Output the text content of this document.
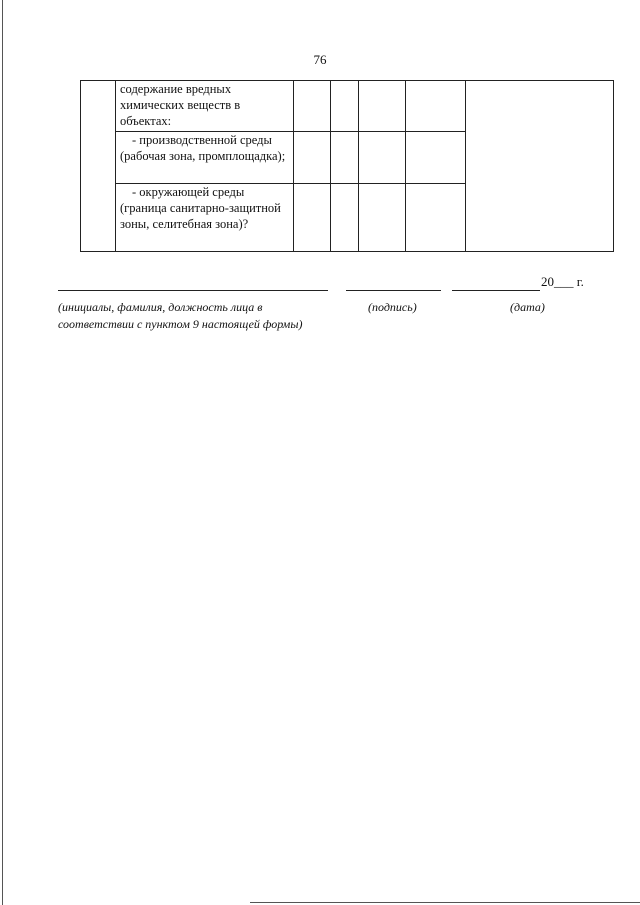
76
	содержание вредных химических веществ в объектах:					
	- производственной среды (рабочая зона, промплощадка);					
	- окружающей среды (граница санитарно-защитной зоны, селитебная зона)?					
20___ г.
(инициалы, фамилия, должность лица в соответствии с пунктом 9 настоящей формы)
(подпись)	(дата)
